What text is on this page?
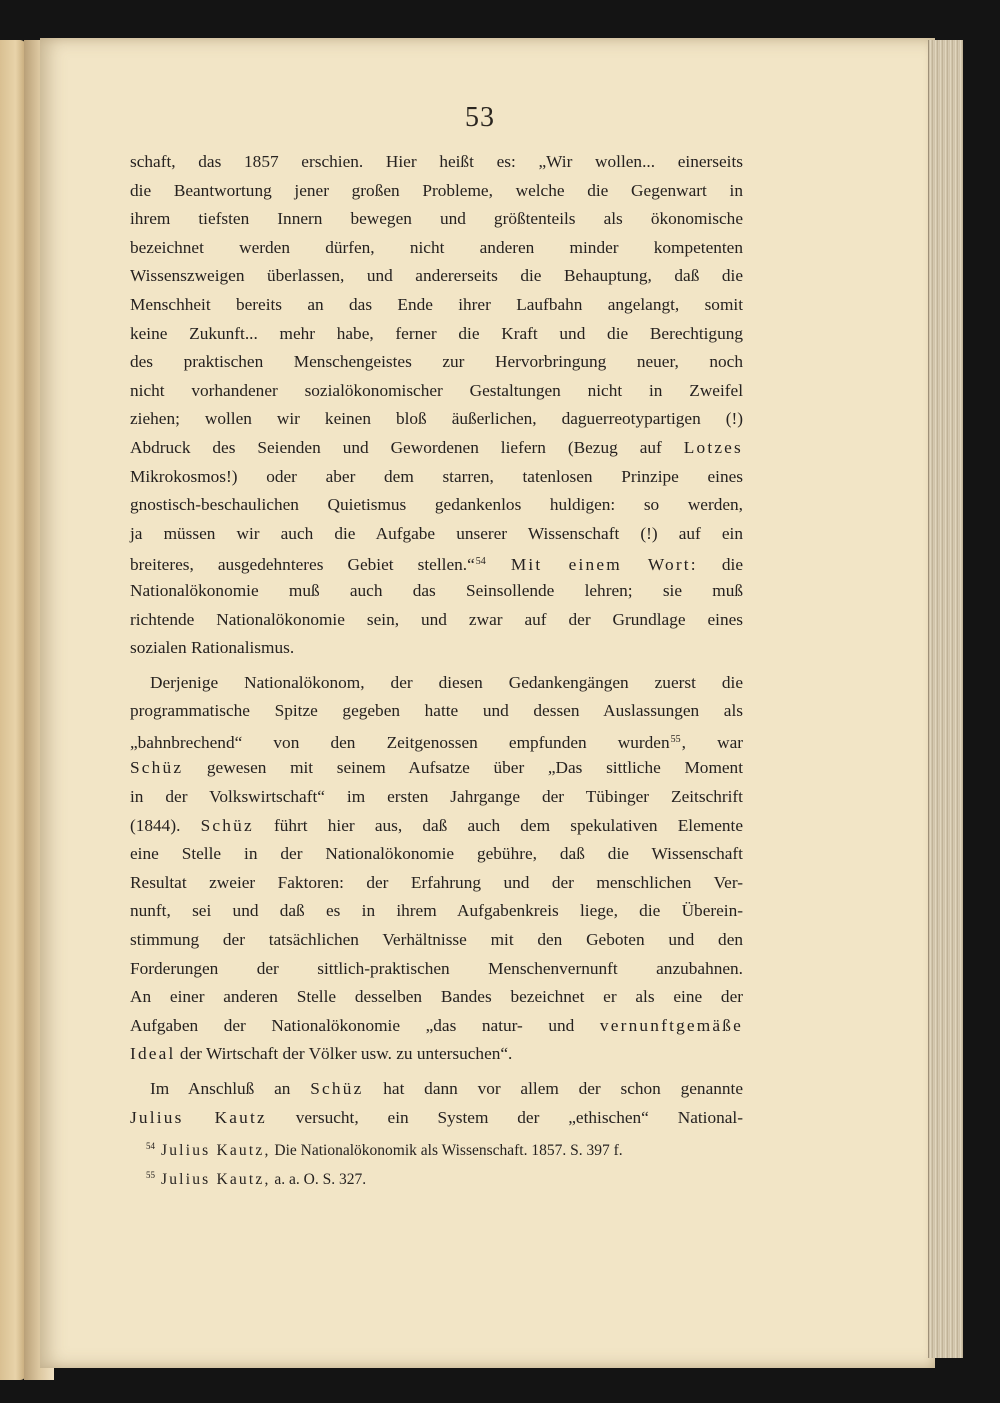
53
schaft, das 1857 erschien. Hier heißt es: „Wir wollen... einerseits
die Beantwortung jener großen Probleme, welche die Gegenwart in
ihrem tiefsten Innern bewegen und größtenteils als ökonomische
bezeichnet werden dürfen, nicht anderen minder kompetenten
Wissenszweigen überlassen, und andererseits die Behauptung, daß die
Menschheit bereits an das Ende ihrer Laufbahn angelangt, somit
keine Zukunft... mehr habe, ferner die Kraft und die Berechtigung
des praktischen Menschengeistes zur Hervorbringung neuer, noch
nicht vorhandener sozialökonomischer Gestaltungen nicht in Zweifel
ziehen; wollen wir keinen bloß äußerlichen, daguerreotypartigen (!)
Abdruck des Seienden und Gewordenen liefern (Bezug auf Lotzes
Mikrokosmos!) oder aber dem starren, tatenlosen Prinzipe eines
gnostisch-beschaulichen Quietismus gedankenlos huldigen: so werden,
ja müssen wir auch die Aufgabe unserer Wissenschaft (!) auf ein
breiteres, ausgedehnteres Gebiet stellen.“$^{54}$ Mit einem Wort: die
Nationalökonomie muß auch das Seinsollende lehren; sie muß
richtende Nationalökonomie sein, und zwar auf der Grundlage eines
sozialen Rationalismus.
Derjenige Nationalökonom, der diesen Gedankengängen zuerst die
programmatische Spitze gegeben hatte und dessen Auslassungen als
„bahnbrechend“ von den Zeitgenossen empfunden wurden$^{55}$, war
Schüz gewesen mit seinem Aufsatze über „Das sittliche Moment
in der Volkswirtschaft“ im ersten Jahrgange der Tübinger Zeitschrift
(1844). Schüz führt hier aus, daß auch dem spekulativen Elemente
eine Stelle in der Nationalökonomie gebühre, daß die Wissenschaft
Resultat zweier Faktoren: der Erfahrung und der menschlichen Ver-
nunft, sei und daß es in ihrem Aufgabenkreis liege, die Überein-
stimmung der tatsächlichen Verhältnisse mit den Geboten und den
Forderungen der sittlich-praktischen Menschenvernunft anzubahnen.
An einer anderen Stelle desselben Bandes bezeichnet er als eine der
Aufgaben der Nationalökonomie „das natur- und vernunftgemäße
Ideal der Wirtschaft der Völker usw. zu untersuchen“.
Im Anschluß an Schüz hat dann vor allem der schon genannte
Julius Kautz versucht, ein System der „ethischen“ National-
$^{54}$ Julius Kautz, Die Nationalökonomik als Wissenschaft. 1857. S. 397 f.
$^{55}$ Julius Kautz, a. a. O. S. 327.
